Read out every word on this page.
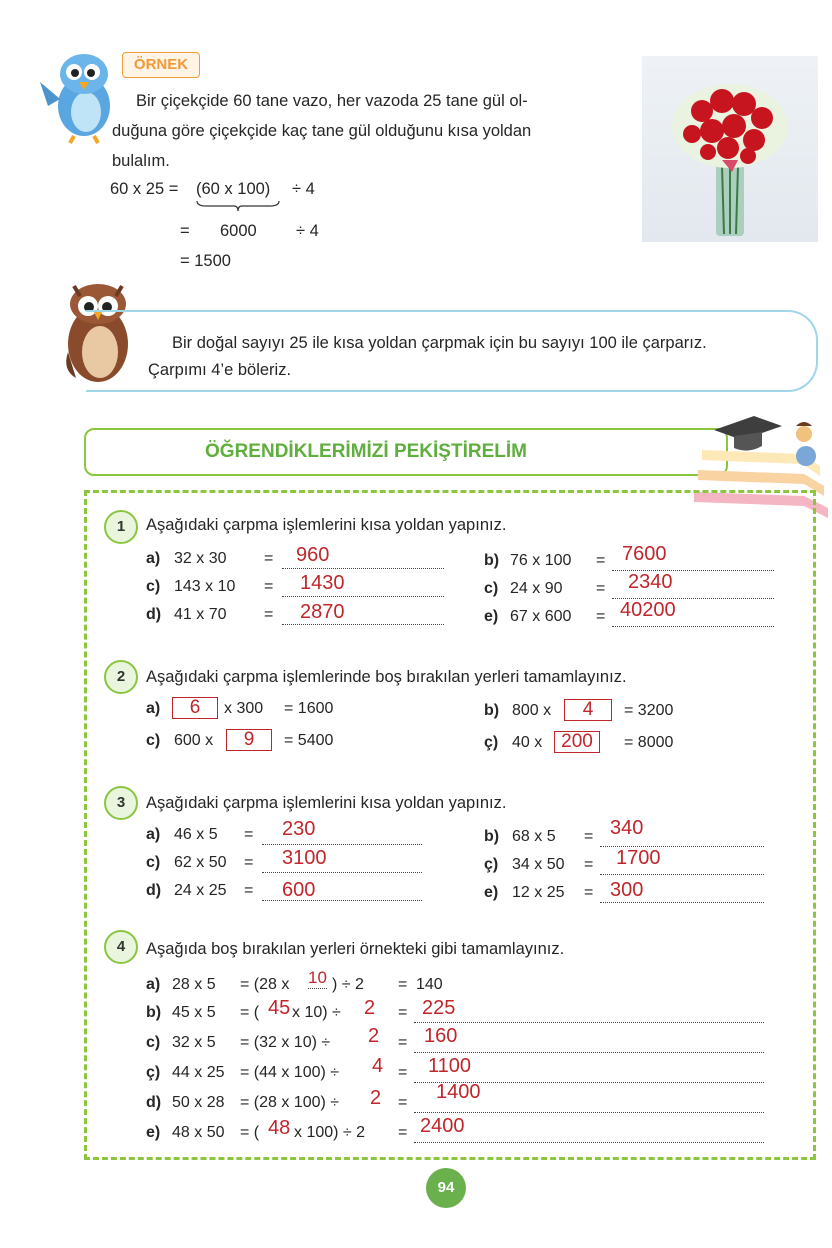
ÖRNEK
Bir çiçekçide 60 tane vazo, her vazoda 25 tane gül ol-
duğuna göre çiçekçide kaç tane gül olduğunu kısa yoldan
bulalım.
60 x 25 = (60 x 100) ÷ 4
= 6000 ÷ 4
= 1500
Bir doğal sayıyı 25 ile kısa yoldan çarpmak için bu sayıyı 100 ile çarparız.
Çarpımı 4’e böleriz.
ÖĞRENDİKLERİMİZİ PEKİŞTİRELİM
1	Aşağıdaki çarpma işlemlerini kısa yoldan yapınız.
a) 32 x 30 = 960	b) 76 x 100 = 7600
c) 143 x 10 = 1430	c) 24 x 90 = 2340
d) 41 x 70 = 2870	e) 67 x 600 = 40200
2	Aşağıdaki çarpma işlemlerinde boş bırakılan yerleri tamamlayınız.
a)	6	x 300 = 1600	b) 800 x	4	= 3200
c) 600 x	9	= 5400	ç) 40 x 200	= 8000
3	Aşağıdaki çarpma işlemlerini kısa yoldan yapınız.
a) 46 x 5 = 230	b) 68 x 5 = 340
c) 62 x 50 = 3100	ç) 34 x 50 = 1700
d) 24 x 25 = 600	e) 12 x 25 = 300
4	Aşağıda boş bırakılan yerleri örnekteki gibi tamamlayınız.
a) 28 x 5 = (28 x 10 ) ÷ 2 = 140
b) 45 x 5 = ( 45 x 10) ÷ 2 = 225
c) 32 x 5 = (32 x 10) ÷ 2 = 160
ç) 44 x 25 = (44 x 100) ÷ 4 = 1100
d) 50 x 28 = (28 x 100) ÷ 2 = 1400
e) 48 x 50 = ( 48 x 100) ÷ 2 = 2400
94
